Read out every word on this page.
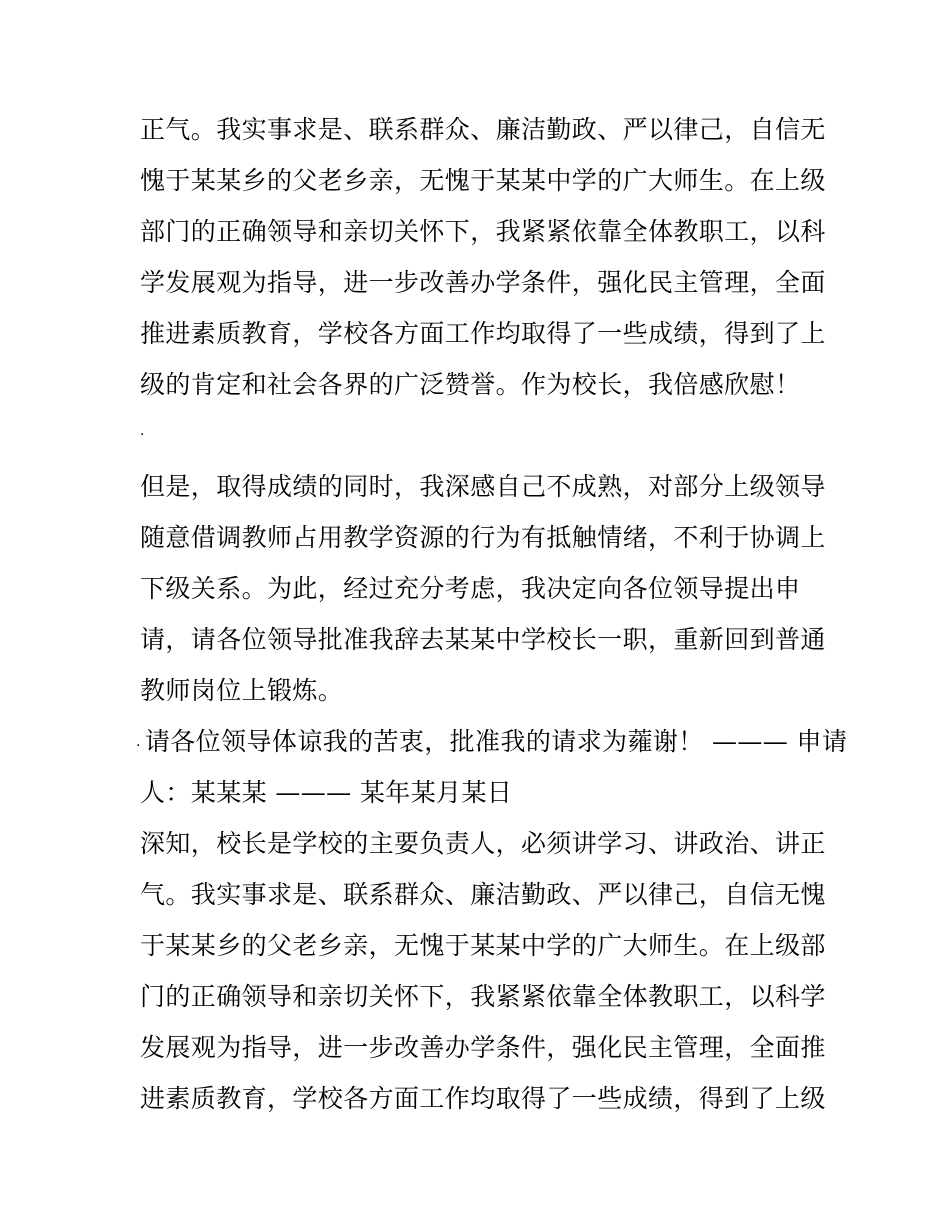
正气。我实事求是、联系群众、廉洁勤政、严以律己，自信无
愧于某某乡的父老乡亲，无愧于某某中学的广大师生。在上级
部门的正确领导和亲切关怀下，我紧紧依靠全体教职工，以科
学发展观为指导，进一步改善办学条件，强化民主管理，全面
推进素质教育，学校各方面工作均取得了一些成绩，得到了上
级的肯定和社会各界的广泛赞誉。作为校长，我倍感欣慰！
·
但是，取得成绩的同时，我深感自己不成熟，对部分上级领导
随意借调教师占用教学资源的行为有抵触情绪，不利于协调上
下级关系。为此，经过充分考虑，我决定向各位领导提出申
请，请各位领导批准我辞去某某中学校长一职，重新回到普通
教师岗位上锻炼。
· 请各位领导体谅我的苦衷，批准我的请求为蕹谢！ ——— 申请
人：某某某 ——— 某年某月某日
深知，校长是学校的主要负责人，必须讲学习、讲政治、讲正
气。我实事求是、联系群众、廉洁勤政、严以律己，自信无愧
于某某乡的父老乡亲，无愧于某某中学的广大师生。在上级部
门的正确领导和亲切关怀下，我紧紧依靠全体教职工，以科学
发展观为指导，进一步改善办学条件，强化民主管理，全面推
进素质教育，学校各方面工作均取得了一些成绩，得到了上级
